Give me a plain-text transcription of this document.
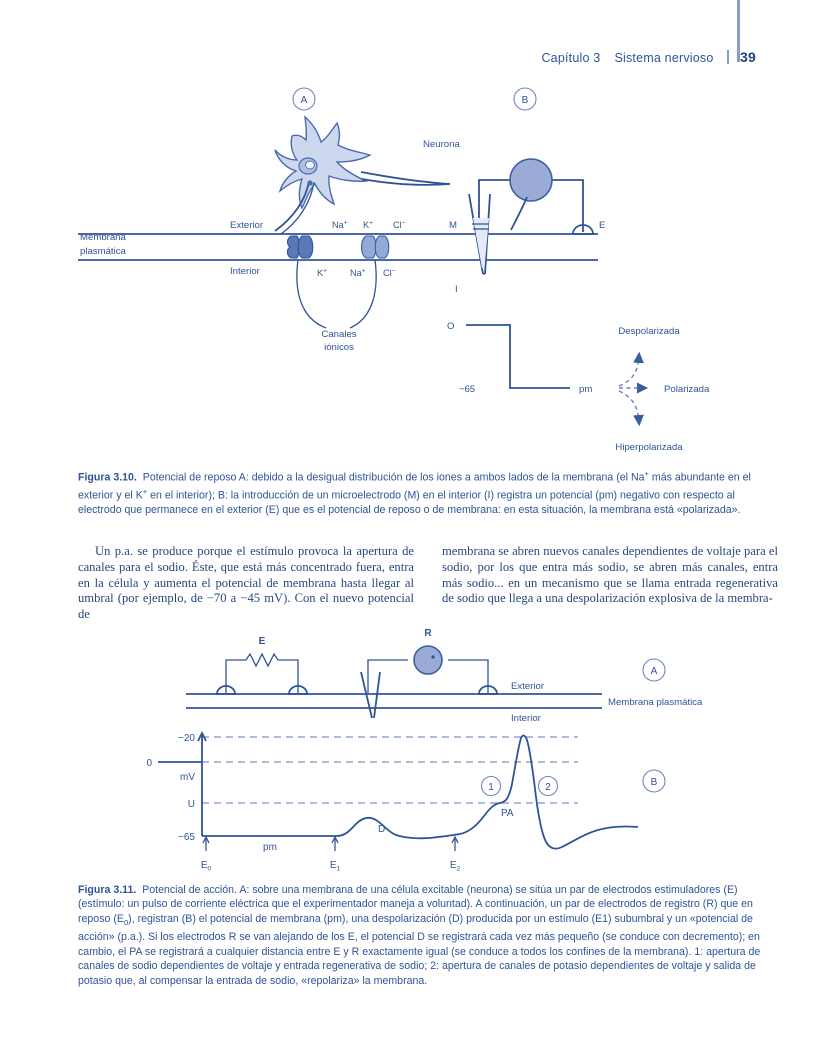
Capítulo 3 Sistema nervioso 39
A	B
Neurona
Exterior
Interior
Membrana
plasmática
Na+ K+ Cl−
K+	Na+ Cl−
Canales
iónicos
M
I
E
O
−65	pm
Despolarizada
Polarizada
Hiperpolarizada
Figura 3.10. Potencial de reposo A: debido a la desigual distribución de los iones a ambos lados de la membrana (el Na+ más abundante en el exterior y el K+ en el interior); B: la introducción de un microelectrodo (M) en el interior (I) registra un potencial (pm) negativo con respecto al electrodo que permanece en el exterior (E) que es el potencial de reposo o de membrana: en esta situación, la membrana está «polarizada».

Un p.a. se produce porque el estímulo provoca la apertura de canales para el sodio. Éste, que está más concentrado fuera, entra en la célula y aumenta el potencial de membrana hasta llegar al umbral (por ejemplo, de −70 a −45 mV). Con el nuevo potencial de

membrana se abren nuevos canales dependientes de voltaje para el sodio, por los que entra más sodio, se abren más canales, entra más sodio... en un mecanismo que se llama entrada regenerativa de sodio que llega a una despolarización explosiva de la membra-

E
R
Exterior
Interior
Membrana plasmática
A
−20
0
mV
U
−65
$E_0$	$E_1$	$E_2$
pm
D
PA
1	2	B
Figura 3.11. Potencial de acción. A: sobre una membrana de una célula excitable (neurona) se sitúa un par de electrodos estimuladores (E) (estímulo: un pulso de corriente eléctrica que el experimentador maneja a voluntad). A continuación, un par de electrodos de registro (R) que en reposo $(E_0)$, registran (B) el potencial de membrana (pm), una despolarización (D) producida por un estímulo (E1) subumbral y un «potencial de acción» (p.a.). Si los electrodos R se van alejando de los E, el potencial D se registrará cada vez más pequeño (se conduce con decremento); en cambio, el PA se registrará a cualquier distancia entre E y R exactamente igual (se conduce a todos los confines de la membrana). 1: apertura de canales de sodio dependientes de voltaje y entrada regenerativa de sodio; 2: apertura de canales de potasio dependientes de voltaje y salida de potasio que, al compensar la entrada de sodio, «repolariza» la membrana.
